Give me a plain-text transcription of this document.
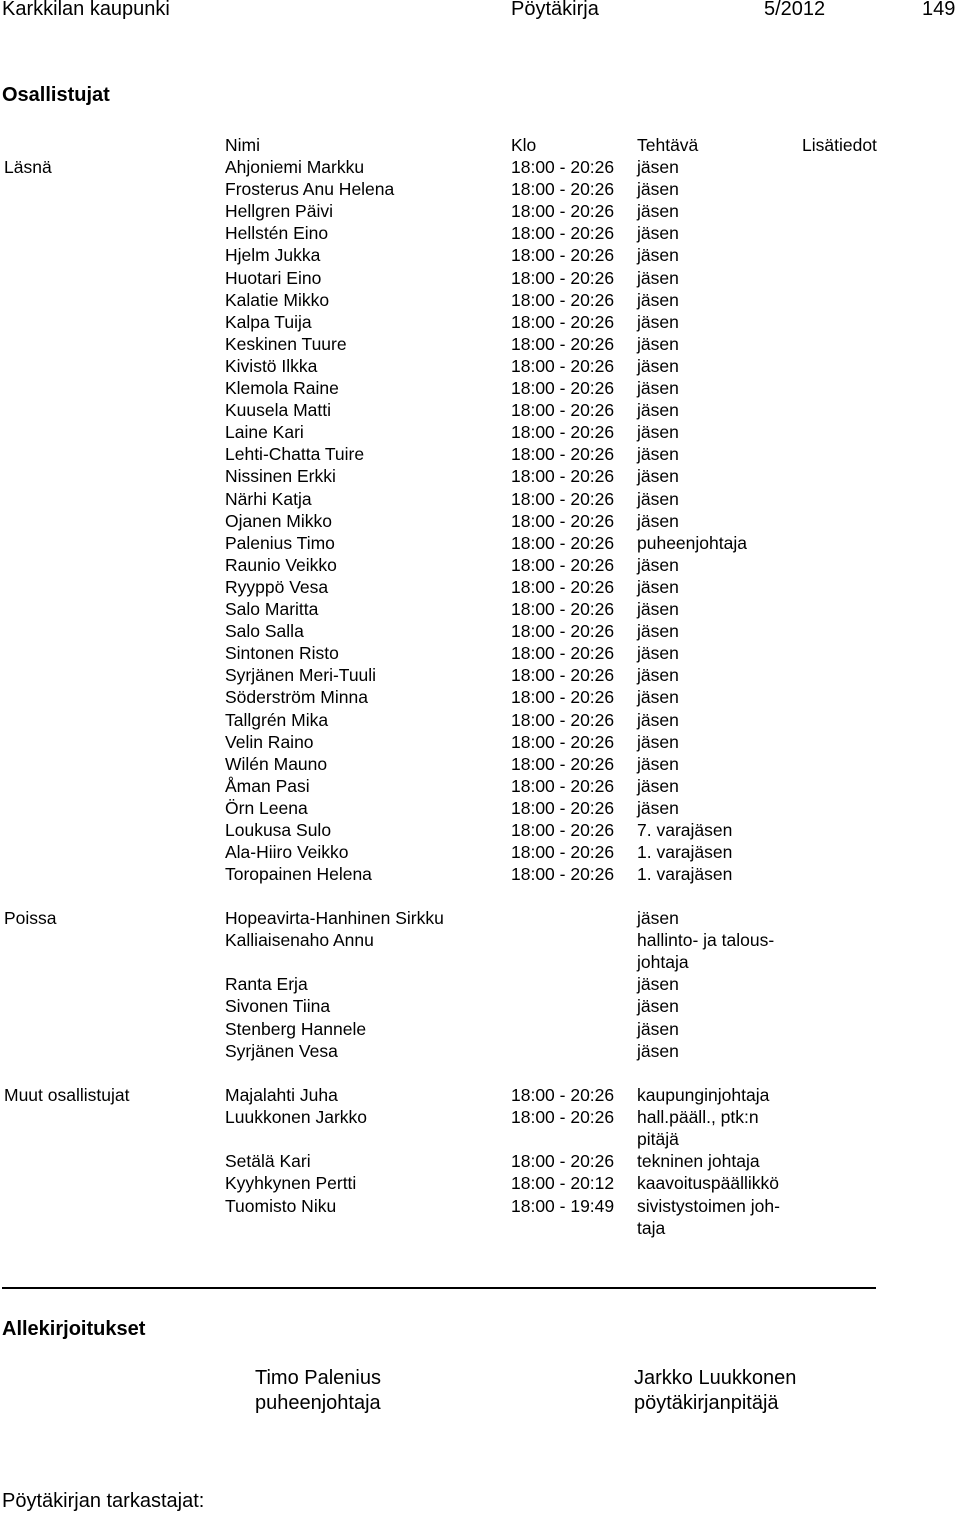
Karkkilan kaupunki	Pöytäkirja	5/2012	149
Osallistujat
Nimi	Klo	Tehtävä	Lisätiedot
Läsnä	Ahjoniemi Markku	18:00 - 20:26 jäsen
Frosterus Anu Helena	18:00 - 20:26 jäsen
Hellgren Päivi	18:00 - 20:26 jäsen
Hellstén Eino	18:00 - 20:26 jäsen
Hjelm Jukka	18:00 - 20:26 jäsen
Huotari Eino	18:00 - 20:26 jäsen
Kalatie Mikko	18:00 - 20:26 jäsen
Kalpa Tuija	18:00 - 20:26 jäsen
Keskinen Tuure	18:00 - 20:26 jäsen
Kivistö Ilkka	18:00 - 20:26 jäsen
Klemola Raine	18:00 - 20:26 jäsen
Kuusela Matti	18:00 - 20:26 jäsen
Laine Kari	18:00 - 20:26 jäsen
Lehti-Chatta Tuire	18:00 - 20:26 jäsen
Nissinen Erkki	18:00 - 20:26 jäsen
Närhi Katja	18:00 - 20:26 jäsen
Ojanen Mikko	18:00 - 20:26 jäsen
Palenius Timo	18:00 - 20:26 puheenjohtaja
Raunio Veikko	18:00 - 20:26 jäsen
Ryyppö Vesa	18:00 - 20:26 jäsen
Salo Maritta	18:00 - 20:26 jäsen
Salo Salla	18:00 - 20:26 jäsen
Sintonen Risto	18:00 - 20:26 jäsen
Syrjänen Meri-Tuuli	18:00 - 20:26 jäsen
Söderström Minna	18:00 - 20:26 jäsen
Tallgrén Mika	18:00 - 20:26 jäsen
Velin Raino	18:00 - 20:26 jäsen
Wilén Mauno	18:00 - 20:26 jäsen
Åman Pasi	18:00 - 20:26 jäsen
Örn Leena	18:00 - 20:26 jäsen
Loukusa Sulo	18:00 - 20:26 7. varajäsen
Ala-Hiiro Veikko	18:00 - 20:26 1. varajäsen
Toropainen Helena	18:00 - 20:26 1. varajäsen
Poissa	Hopeavirta-Hanhinen Sirkku	jäsen
Kalliaisenaho Annu	hallinto- ja talous-
johtaja
Ranta Erja	jäsen
Sivonen Tiina	jäsen
Stenberg Hannele	jäsen
Syrjänen Vesa	jäsen
Muut osallistujat	Majalahti Juha	18:00 - 20:26 kaupunginjohtaja
Luukkonen Jarkko	18:00 - 20:26 hall.pääll., ptk:n
pitäjä
Setälä Kari	18:00 - 20:26 tekninen johtaja
Kyyhkynen Pertti	18:00 - 20:12 kaavoituspäällikkö
Tuomisto Niku	18:00 - 19:49 sivistystoimen joh-
taja
Allekirjoitukset
Timo Palenius
puheenjohtaja
Jarkko Luukkonen
pöytäkirjanpitäjä
Pöytäkirjan tarkastajat:
